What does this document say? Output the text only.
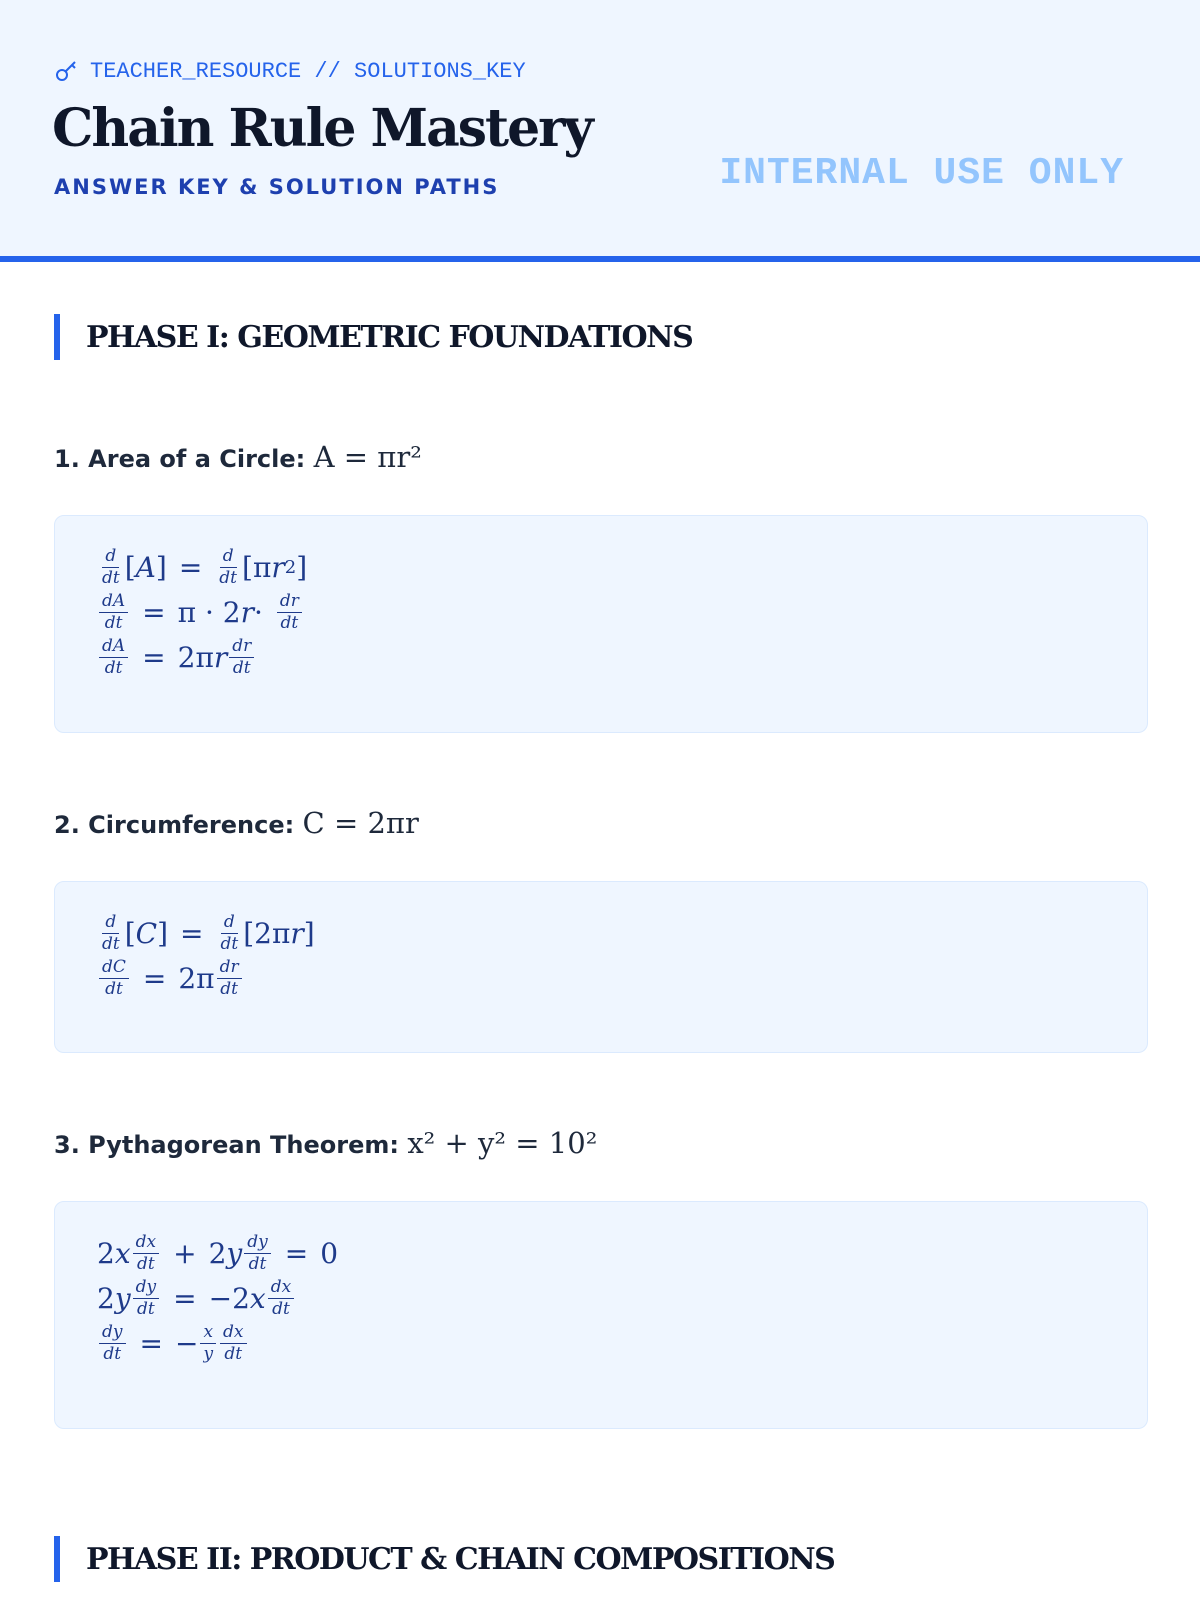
TEACHER_RESOURCE // SOLUTIONS_KEY
Chain Rule Mastery
ANSWER KEY & SOLUTION PATHS	INTERNAL USE ONLY
PHASE I: GEOMETRIC FOUNDATIONS
1. Area of a Circle: A = πr²
$\frac{d}{dt}$ [ A ] = $\frac{d}{dt} [\pi$ r 2 ]
$\frac{dA}{dt} = \pi \cdot 2$ $r \cdot \frac{dr}{dt}$
$\frac{dA}{dt} = 2\pi$ r $\frac{dr}{dt}$
2. Circumference: C = 2πr
$\frac{d}{dt}$ [ C ] = $\frac{d}{dt} [2\pi$ r ]
$\frac{dC}{dt} = 2\pi \frac{dr}{dt}$
3. Pythagorean Theorem: x² + y² = 10²
2 x $\frac{dx}{dt} + 2$ y $\frac{dy}{dt} = 0$
2 y $\frac{dy}{dt} = -2$ x $\frac{dx}{dt}$
$\frac{dy}{dt}$ = − $\frac{x}{y} \frac{dx}{dt}$
PHASE II: PRODUCT & CHAIN COMPOSITIONS
